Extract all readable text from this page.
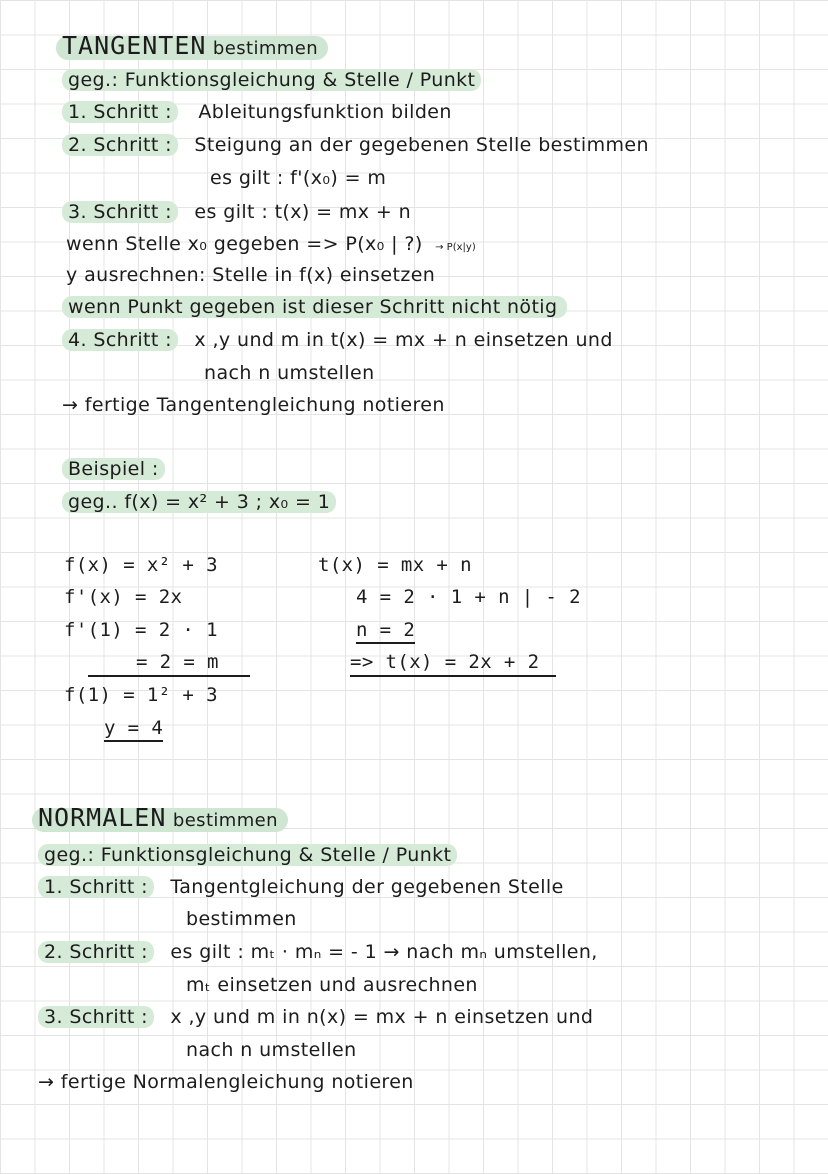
TANGENTEN bestimmen
geg.: Funktionsgleichung & Stelle / Punkt
1. Schritt : Ableitungsfunktion bilden
2. Schritt : Steigung an der gegebenen Stelle bestimmen
es gilt : f'(x₀) = m
3. Schritt : es gilt : t(x) = mx + n
wenn Stelle x₀ gegeben => P(x₀ | ?) → P(x|y)
y ausrechnen: Stelle in f(x) einsetzen
wenn Punkt gegeben ist dieser Schritt nicht nötig
4. Schritt : x ,y und m in t(x) = mx + n einsetzen und
nach n umstellen
→ fertige Tangentengleichung notieren
Beispiel :
geg.. f(x) = x² + 3 ; x₀ = 1
f(x) = x² + 3
f'(x) = 2x
f'(1) = 2 · 1
= 2 = m
f(1) = 1² + 3
y = 4
t(x) = mx + n
4 = 2 · 1 + n | - 2
n = 2
=> t(x) = 2x + 2
NORMALEN bestimmen
geg.: Funktionsgleichung & Stelle / Punkt
1. Schritt : Tangentgleichung der gegebenen Stelle
bestimmen
2. Schritt : es gilt : mₜ · mₙ = - 1 → nach mₙ umstellen,
mₜ einsetzen und ausrechnen
3. Schritt : x ,y und m in n(x) = mx + n einsetzen und
nach n umstellen
→ fertige Normalengleichung notieren
